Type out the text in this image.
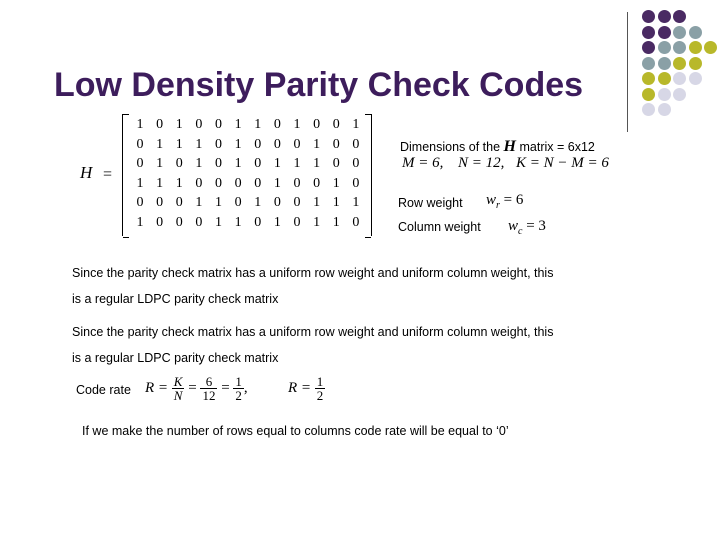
Low Density Parity Check Codes
H =
1 0 1 0 0 1 1 0 1 0 0 1
0 1 1 1 0 1 0 0 0 1 0 0
0 1 0 1 0 1 0 1 1 1 0 0
1 1 1 0 0 0 0 1 0 0 1 0
0 0 0 1 1 0 1 0 0 1 1 1
1 0 0 0 1 1 0 1 0 1 1 0
Dimensions of the H matrix = 6x12
M = 6, N = 12, K = N − M = 6
Row weight $w_r = 6$
Column weight $w_c = 3$
Since the parity check matrix has a uniform row weight and uniform column weight, this
is a regular LDPC parity check matrix
Since the parity check matrix has a uniform row weight and uniform column weight, this
is a regular LDPC parity check matrix
Code rate $R = \frac{K}{N} = \frac{6}{12} = \frac{1}{2}$ ,	$R = \frac{1}{2}$
If we make the number of rows equal to columns code rate will be equal to ‘0’
